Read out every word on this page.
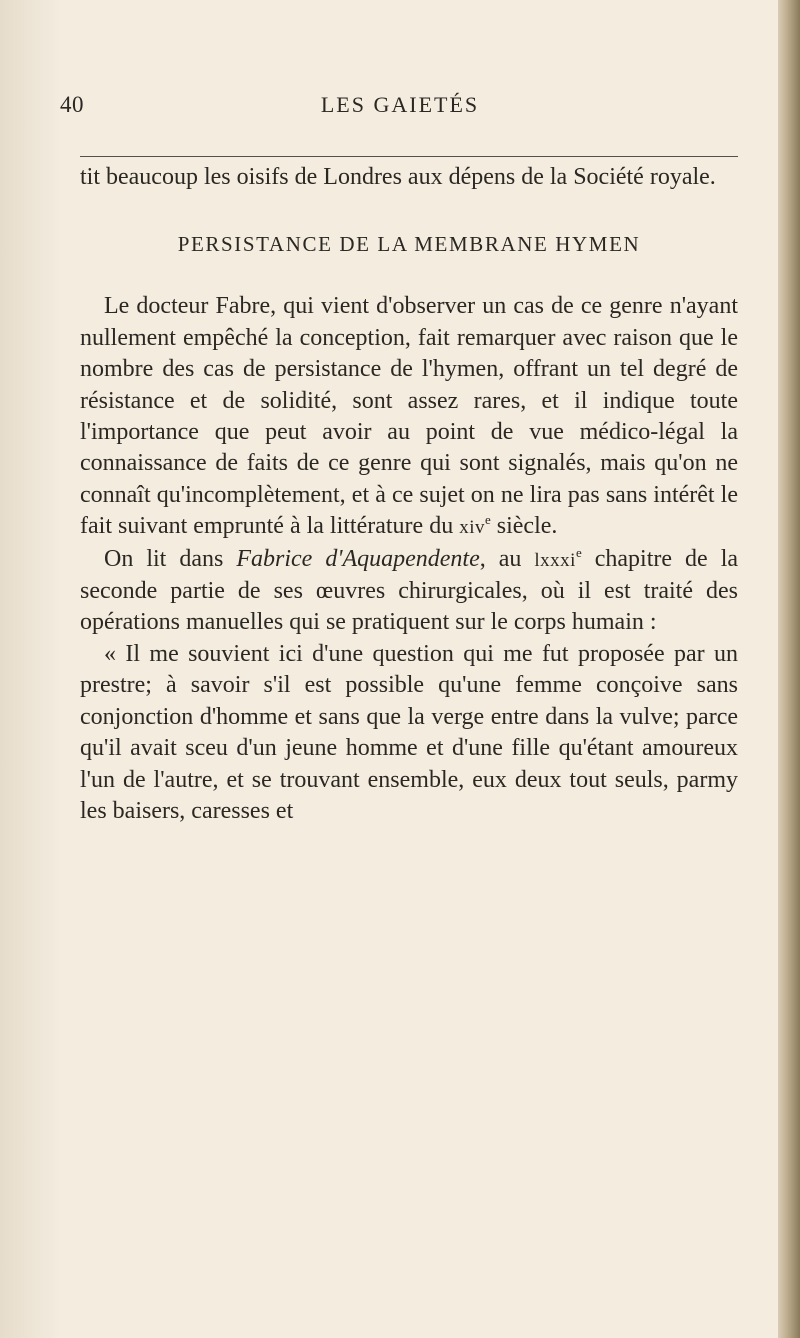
40	LES GAIETÉS

tit beaucoup les oisifs de Londres aux dépens de la Société royale.

PERSISTANCE DE LA MEMBRANE HYMEN

Le docteur Fabre, qui vient d'observer un cas de ce genre n'ayant nullement empêché la conception, fait remarquer avec raison que le nombre des cas de persistance de l'hymen, offrant un tel degré de résistance et de solidité, sont assez rares, et il indique toute l'importance que peut avoir au point de vue médico-légal la connaissance de faits de ce genre qui sont signalés, mais qu'on ne connaît qu'incomplètement, et à ce sujet on ne lira pas sans intérêt le fait suivant emprunté à la littérature du xiv$^e$ siècle.

On lit dans Fabrice d'Aquapendente, au lxxxi$^e$ chapitre de la seconde partie de ses œuvres chirurgicales, où il est traité des opérations manuelles qui se pratiquent sur le corps humain :

« Il me souvient ici d'une question qui me fut proposée par un prestre; à savoir s'il est possible qu'une femme conçoive sans conjonction d'homme et sans que la verge entre dans la vulve; parce qu'il avait sceu d'un jeune homme et d'une fille qu'étant amoureux l'un de l'autre, et se trouvant ensemble, eux deux tout seuls, parmy les baisers, caresses et
